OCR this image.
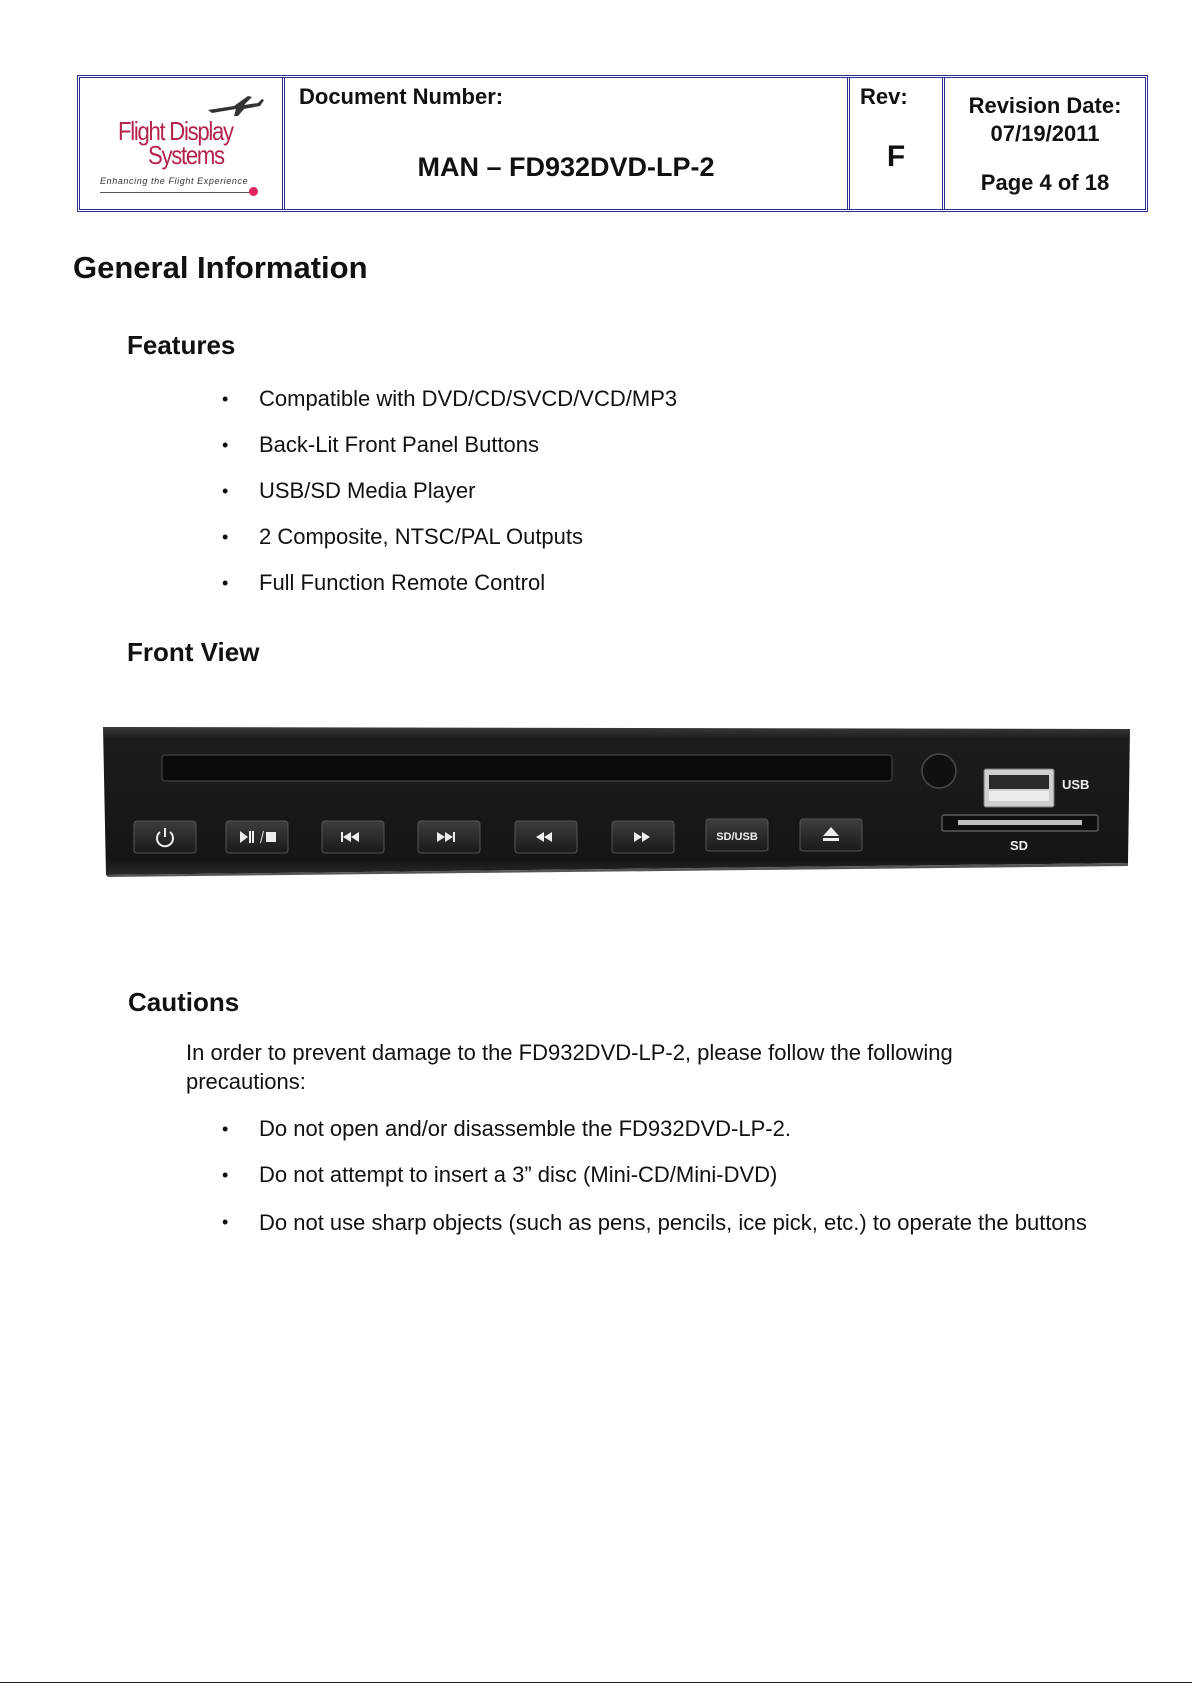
Flight Display
Systems
Enhancing the Flight Experience
Document Number:
MAN – FD932DVD-LP-2
Rev:
F
Revision Date:
07/19/2011
Page 4 of 18
General Information
Features
• Compatible with DVD/CD/SVCD/VCD/MP3
• Back-Lit Front Panel Buttons
• USB/SD Media Player
• 2 Composite, NTSC/PAL Outputs
• Full Function Remote Control
Front View
SD/USB
USB
SD
Cautions

In order to prevent damage to the FD932DVD-LP-2, please follow the following precautions:

• Do not open and/or disassemble the FD932DVD-LP-2.
• Do not attempt to insert a 3” disc (Mini-CD/Mini-DVD)
• Do not use sharp objects (such as pens, pencils, ice pick, etc.) to operate the buttons
